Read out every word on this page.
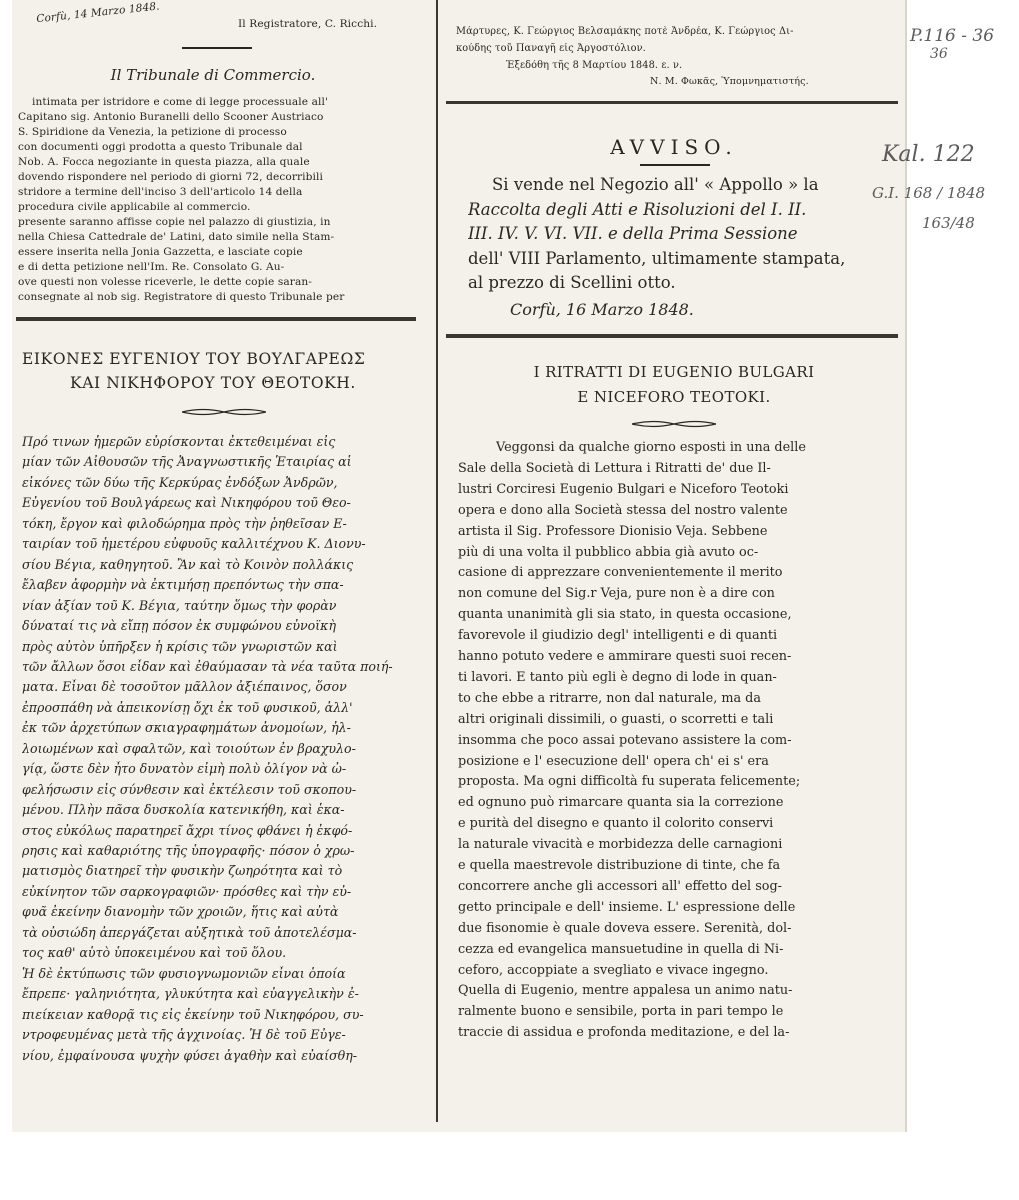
Corfù, 14 Marzo 1848.	Il Registratore, C. Ricchi.
Il Tribunale di Commercio.
intimata per istridore e come di legge processuale all'
Capitano sig. Antonio Buranelli dello Scooner Austriaco
S. Spiridione da Venezia, la petizione di processo
con documenti oggi prodotta a questo Tribunale dal
Nob. A. Focca negoziante in questa piazza, alla quale
dovendo rispondere nel periodo di giorni 72, decorribili
stridore a termine dell'inciso 3 dell'articolo 14 della
procedura civile applicabile al commercio.
presente saranno affisse copie nel palazzo di giustizia, in
nella Chiesa Cattedrale de' Latini, dato simile nella Stam-
essere inserita nella Jonia Gazzetta, e lasciate copie
e di detta petizione nell'Im. Re. Consolato G. Au-
ove questi non volesse riceverle, le dette copie saran-
consegnate al nob sig. Registratore di questo Tribunale per
ΕΙΚΟΝΕΣ ΕΥΓΕΝΙΟΥ ΤΟΥ ΒΟΥΛΓΑΡΕΩΣ
ΚΑΙ ΝΙΚΗΦΟΡΟΥ ΤΟΥ ΘΕΟΤΟΚΗ.
Πρό τινων ἡμερῶν εὑρίσκονται ἐκτεθειμέναι εἰς
μίαν τῶν Αἰθουσῶν τῆς Ἀναγνωστικῆς Ἑταιρίας αἱ
εἰκόνες τῶν δύω τῆς Κερκύρας ἐνδόξων Ἀνδρῶν,
Εὐγενίου τοῦ Βουλγάρεως καὶ Νικηφόρου τοῦ Θεο-
τόκη, ἔργον καὶ φιλοδώρημα πρὸς τὴν ῥηθεῖσαν Ε-
ταιρίαν τοῦ ἡμετέρου εὐφυοῦς καλλιτέχνου Κ. Διονυ-
σίου Βέγια, καθηγητοῦ. Ἂν καὶ τὸ Κοινὸν πολλάκις
ἔλαβεν ἀφορμὴν νὰ ἐκτιμήσῃ πρεπόντως τὴν σπα-
νίαν ἀξίαν τοῦ Κ. Βέγια, ταύτην ὅμως τὴν φορὰν
δύναταί τις νὰ εἴπῃ πόσον ἐκ συμφώνου εὐνοϊκὴ
πρὸς αὐτὸν ὑπῆρξεν ἡ κρίσις τῶν γνωριστῶν καὶ
τῶν ἄλλων ὅσοι εἶδαν καὶ ἐθαύμασαν τὰ νέα ταῦτα ποιή-
ματα. Εἶναι δὲ τοσοῦτον μᾶλλον ἀξιέπαινος, ὅσον
ἐπροσπάθη νὰ ἀπεικονίσῃ ὄχι ἐκ τοῦ φυσικοῦ, ἀλλ'
ἐκ τῶν ἀρχετύπων σκιαγραφημάτων ἀνομοίων, ἠλ-
λοιωμένων καὶ σφαλτῶν, καὶ τοιούτων ἐν βραχυλο-
γίᾳ, ὥστε δὲν ἦτο δυνατὸν εἰμὴ πολὺ ὀλίγον νὰ ὠ-
φελήσωσιν εἰς σύνθεσιν καὶ ἐκτέλεσιν τοῦ σκοπου-
μένου. Πλὴν πᾶσα δυσκολία κατενικήθη, καὶ ἑκα-
στος εὐκόλως παρατηρεῖ ἄχρι τίνος φθάνει ἡ ἐκφό-
ρησις καὶ καθαριότης τῆς ὑπογραφῆς· πόσον ὁ χρω-
ματισμὸς διατηρεῖ τὴν φυσικὴν ζωηρότητα καὶ τὸ
εὐκίνητον τῶν σαρκογραφιῶν· πρόσθες καὶ τὴν εὐ-
φυᾶ ἐκείνην διανομὴν τῶν χροιῶν, ἥτις καὶ αὐτὰ
τὰ οὐσιώδη ἀπεργάζεται αὐξητικὰ τοῦ ἀποτελέσμα-
τος καθ' αὑτὸ ὑποκειμένου καὶ τοῦ ὅλου.
Ἡ δὲ ἐκτύπωσις τῶν φυσιογνωμονιῶν εἶναι ὁποία
ἔπρεπε· γαληνιότητα, γλυκύτητα καὶ εὐαγγελικὴν ἐ-
πιείκειαν καθορᾷ τις εἰς ἐκείνην τοῦ Νικηφόρου, συ-
ντροφευμένας μετὰ τῆς ἀγχινοίας. Ἡ δὲ τοῦ Εὐγε-
νίου, ἐμφαίνουσα ψυχὴν φύσει ἀγαθὴν καὶ εὐαίσθη-
Μάρτυρες, Κ. Γεώργιος Βελσαμάκης ποτὲ Ἀνδρέα, Κ. Γεώργιος Δι-
κούδης τοῦ Παναγῆ εἰς Ἀργοστόλιον.
Ἐξεδόθη τῆς 8 Μαρτίου 1848. ε. ν.
Ν. Μ. Φωκᾶς, Ὑπομνηματιστής.
AVVISO.
Si vende nel Negozio all' « Appollo » la
Raccolta degli Atti e Risoluzioni del I. II.
III. IV. V. VI. VII. e della Prima Sessione
dell' VIII Parlamento, ultimamente stampata,
al prezzo di Scellini otto.
Corfù, 16 Marzo 1848.
I RITRATTI DI EUGENIO BULGARI
E NICEFORO TEOTOKI.
Veggonsi da qualche giorno esposti in una delle
Sale della Società di Lettura i Ritratti de' due Il-
lustri Corciresi Eugenio Bulgari e Niceforo Teotoki
opera e dono alla Società stessa del nostro valente
artista il Sig. Professore Dionisio Veja. Sebbene
più di una volta il pubblico abbia già avuto oc-
casione di apprezzare convenientemente il merito
non comune del Sig.r Veja, pure non è a dire con
quanta unanimità gli sia stato, in questa occasione,
favorevole il giudizio degl' intelligenti e di quanti
hanno potuto vedere e ammirare questi suoi recen-
ti lavori. E tanto più egli è degno di lode in quan-
to che ebbe a ritrarre, non dal naturale, ma da
altri originali dissimili, o guasti, o scorretti e tali
insomma che poco assai potevano assistere la com-
posizione e l' esecuzione dell' opera ch' ei s' era
proposta. Ma ogni difficoltà fu superata felicemente;
ed ognuno può rimarcare quanta sia la correzione
e purità del disegno e quanto il colorito conservi
la naturale vivacità e morbidezza delle carnagioni
e quella maestrevole distribuzione di tinte, che fa
concorrere anche gli accessori all' effetto del sog-
getto principale e dell' insieme. L' espressione delle
due fisonomie è quale doveva essere. Serenità, dol-
cezza ed evangelica mansuetudine in quella di Ni-
ceforo, accoppiate a svegliato e vivace ingegno.
Quella di Eugenio, mentre appalesa un animo natu-
ralmente buono e sensibile, porta in pari tempo le
traccie di assidua e profonda meditazione, e del la-
P.116 - 36
36
Kal. 122
G.I. 168 / 1848
163/48
